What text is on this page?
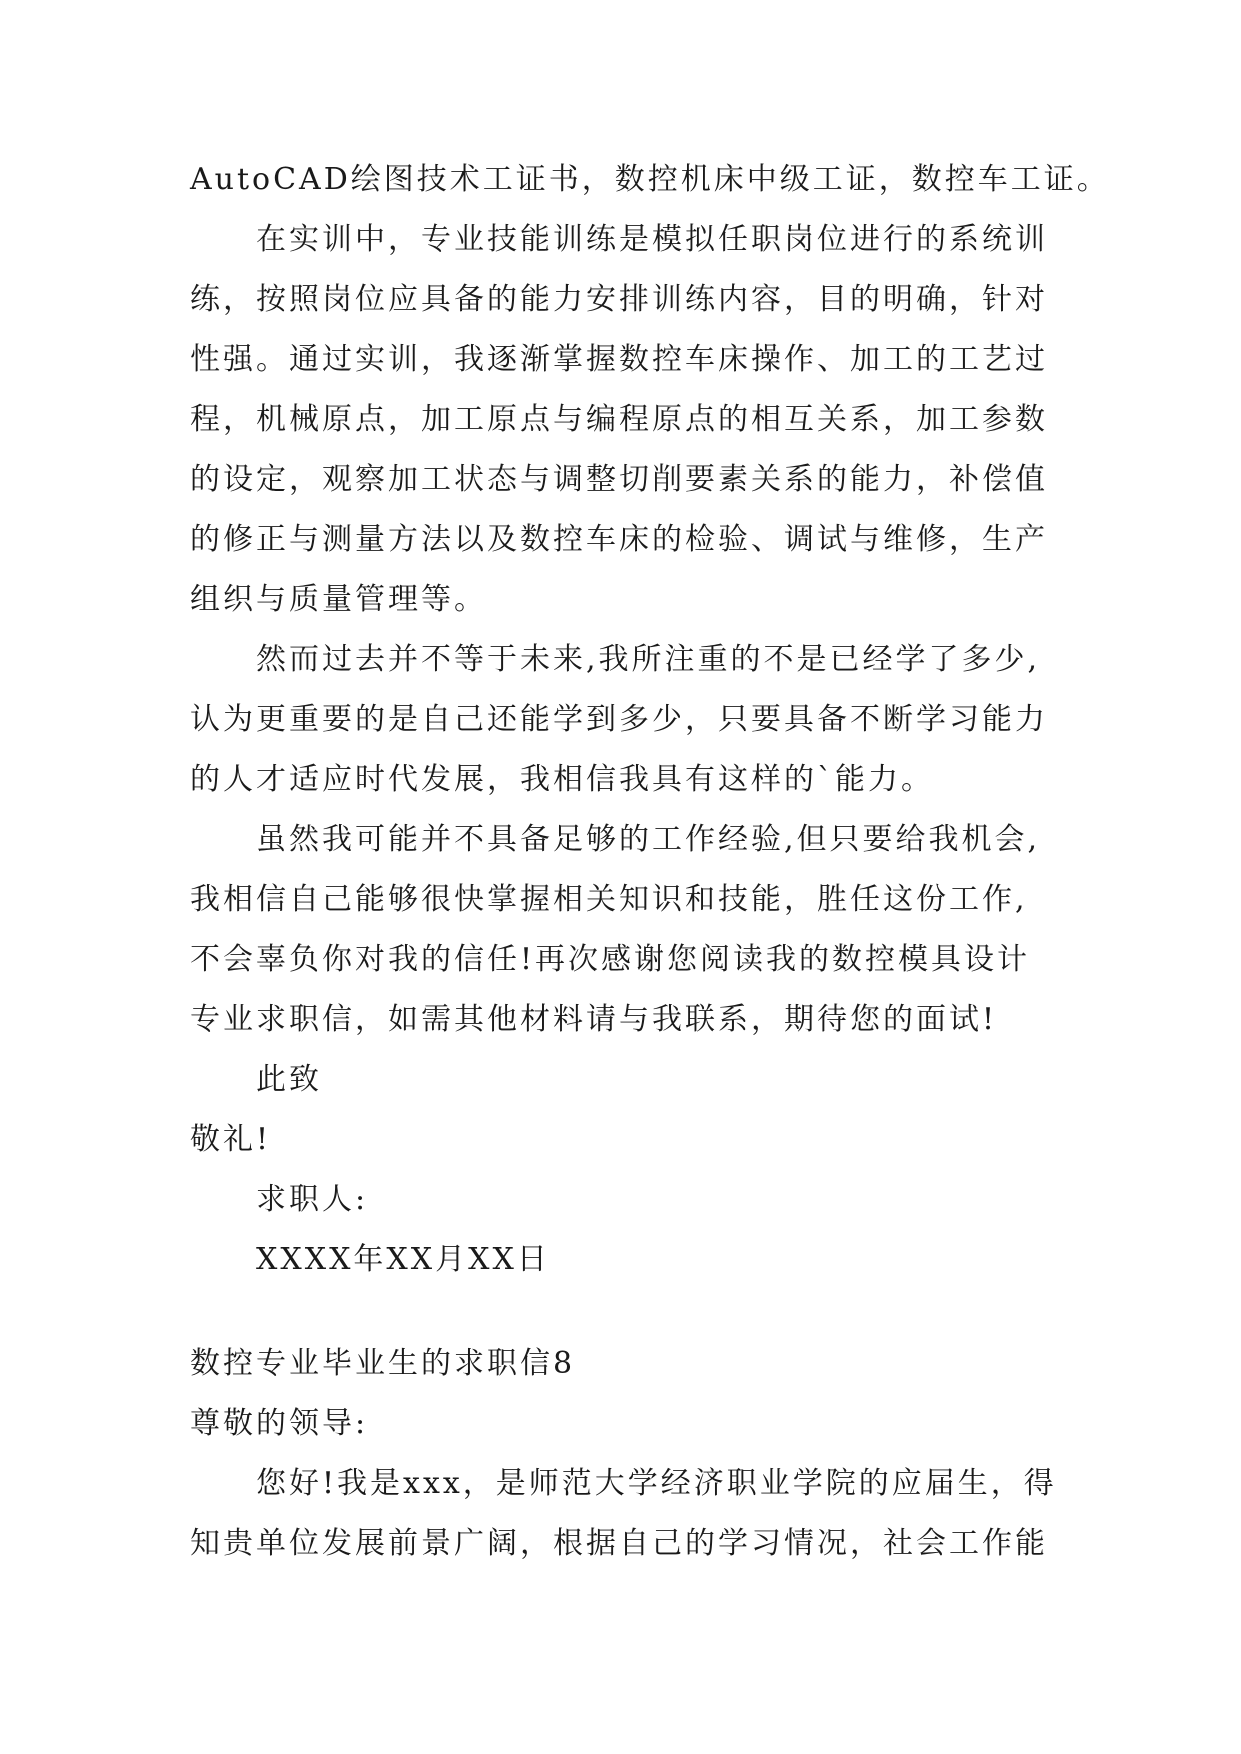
AutoCAD绘图技术工证书，数控机床中级工证，数控车工证。
在实训中，专业技能训练是模拟任职岗位进行的系统训
练，按照岗位应具备的能力安排训练内容，目的明确，针对
性强。通过实训，我逐渐掌握数控车床操作、加工的工艺过
程，机械原点，加工原点与编程原点的相互关系，加工参数
的设定，观察加工状态与调整切削要素关系的能力，补偿值
的修正与测量方法以及数控车床的检验、调试与维修，生产
组织与质量管理等。
然而过去并不等于未来,我所注重的不是已经学了多少,
认为更重要的是自己还能学到多少，只要具备不断学习能力
的人才适应时代发展，我相信我具有这样的`能力。
虽然我可能并不具备足够的工作经验,但只要给我机会,
我相信自己能够很快掌握相关知识和技能，胜任这份工作,
不会辜负你对我的信任!再次感谢您阅读我的数控模具设计
专业求职信，如需其他材料请与我联系，期待您的面试!
此致
敬礼!
求职人:
XXXX年XX月XX日
数控专业毕业生的求职信8
尊敬的领导:
您好!我是xxx，是师范大学经济职业学院的应届生，得
知贵单位发展前景广阔，根据自己的学习情况，社会工作能
